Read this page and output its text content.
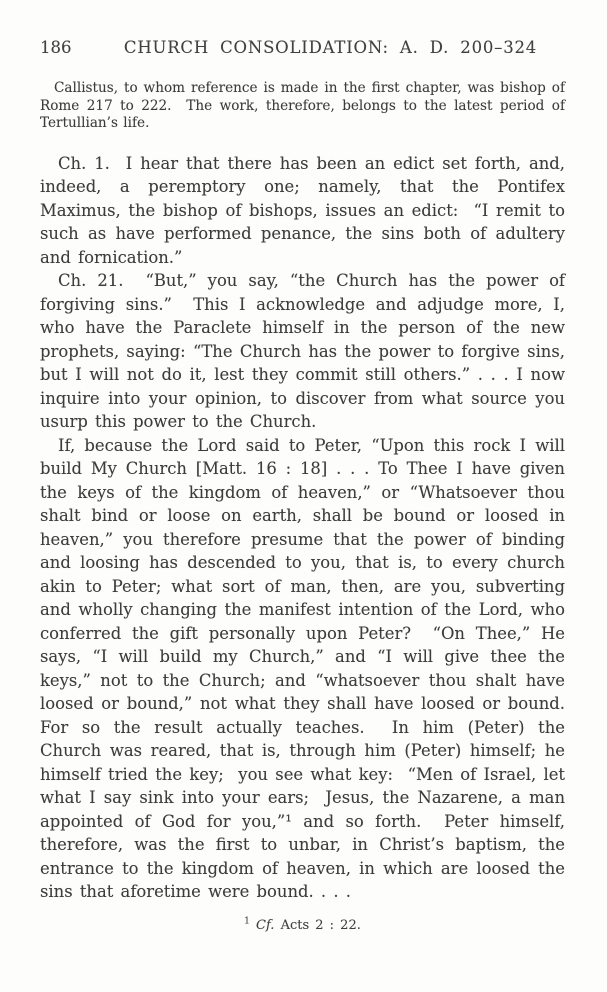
186	CHURCH CONSOLIDATION: A. D. 200–324

Callistus, to whom reference is made in the first chapter, was bishop of Rome 217 to 222.  The work, therefore, belongs to the latest period of Tertullian’s life.

Ch. 1.  I hear that there has been an edict set forth, and, indeed, a peremptory one; namely, that the Pontifex Maximus, the bishop of bishops, issues an edict:  “I remit to such as have performed penance, the sins both of adultery and fornication.”

Ch. 21.  “But,” you say, “the Church has the power of forgiving sins.”  This I acknowledge and adjudge more, I, who have the Paraclete himself in the person of the new prophets, saying: “The Church has the power to forgive sins, but I will not do it, lest they commit still others.” . . . I now inquire into your opinion, to discover from what source you usurp this power to the Church.

If, because the Lord said to Peter, “Upon this rock I will build My Church [Matt. 16 : 18] . . . To Thee I have given the keys of the kingdom of heaven,” or “Whatsoever thou shalt bind or loose on earth, shall be bound or loosed in heaven,” you therefore presume that the power of binding and loosing has descended to you, that is, to every church akin to Peter; what sort of man, then, are you, subverting and wholly changing the manifest intention of the Lord, who conferred the gift personally upon Peter?  “On Thee,” He says, “I will build my Church,” and “I will give thee the keys,” not to the Church; and “whatsoever thou shalt have loosed or bound,” not what they shall have loosed or bound.  For so the result actually teaches.  In him (Peter) the Church was reared, that is, through him (Peter) himself; he himself tried the key;  you see what key:  “Men of Israel, let what I say sink into your ears;  Jesus, the Nazarene, a man appointed of God for you,”¹ and so forth.  Peter himself, therefore, was the first to unbar, in Christ’s baptism, the entrance to the kingdom of heaven, in which are loosed the sins that aforetime were bound. . . .

$^1$ Cf. Acts 2 : 22.
